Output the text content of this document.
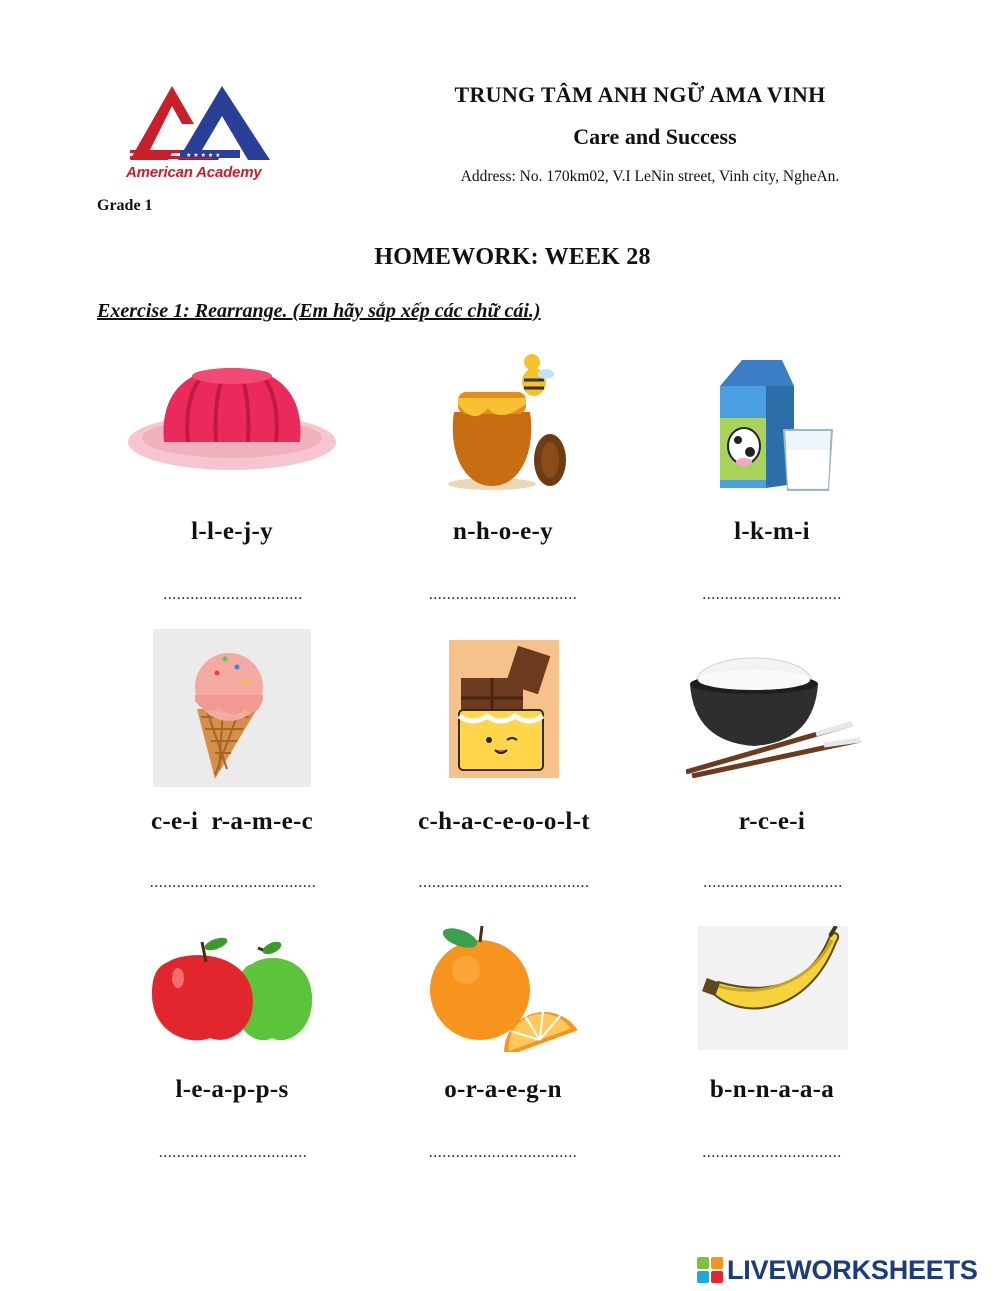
★ ★ ★ ★ ★
American Academy
Grade 1
TRUNG TÂM ANH NGỮ AMA VINH
Care and Success
Address: No. 170km02, V.I LeNin street, Vinh city, NgheAn.
HOMEWORK: WEEK 28
Exercise 1: Rearrange. (Em hãy sắp xếp các chữ cái.)
l-l-e-j-y	n-h-o-e-y	l-k-m-i
...............................	.................................	...............................
c-e-i  r-a-m-e-c	c-h-a-c-e-o-o-l-t	r-c-e-i
.....................................	......................................	...............................
l-e-a-p-p-s	o-r-a-e-g-n	b-n-n-a-a-a
.................................	.................................	...............................
LIVEWORKSHEETS
